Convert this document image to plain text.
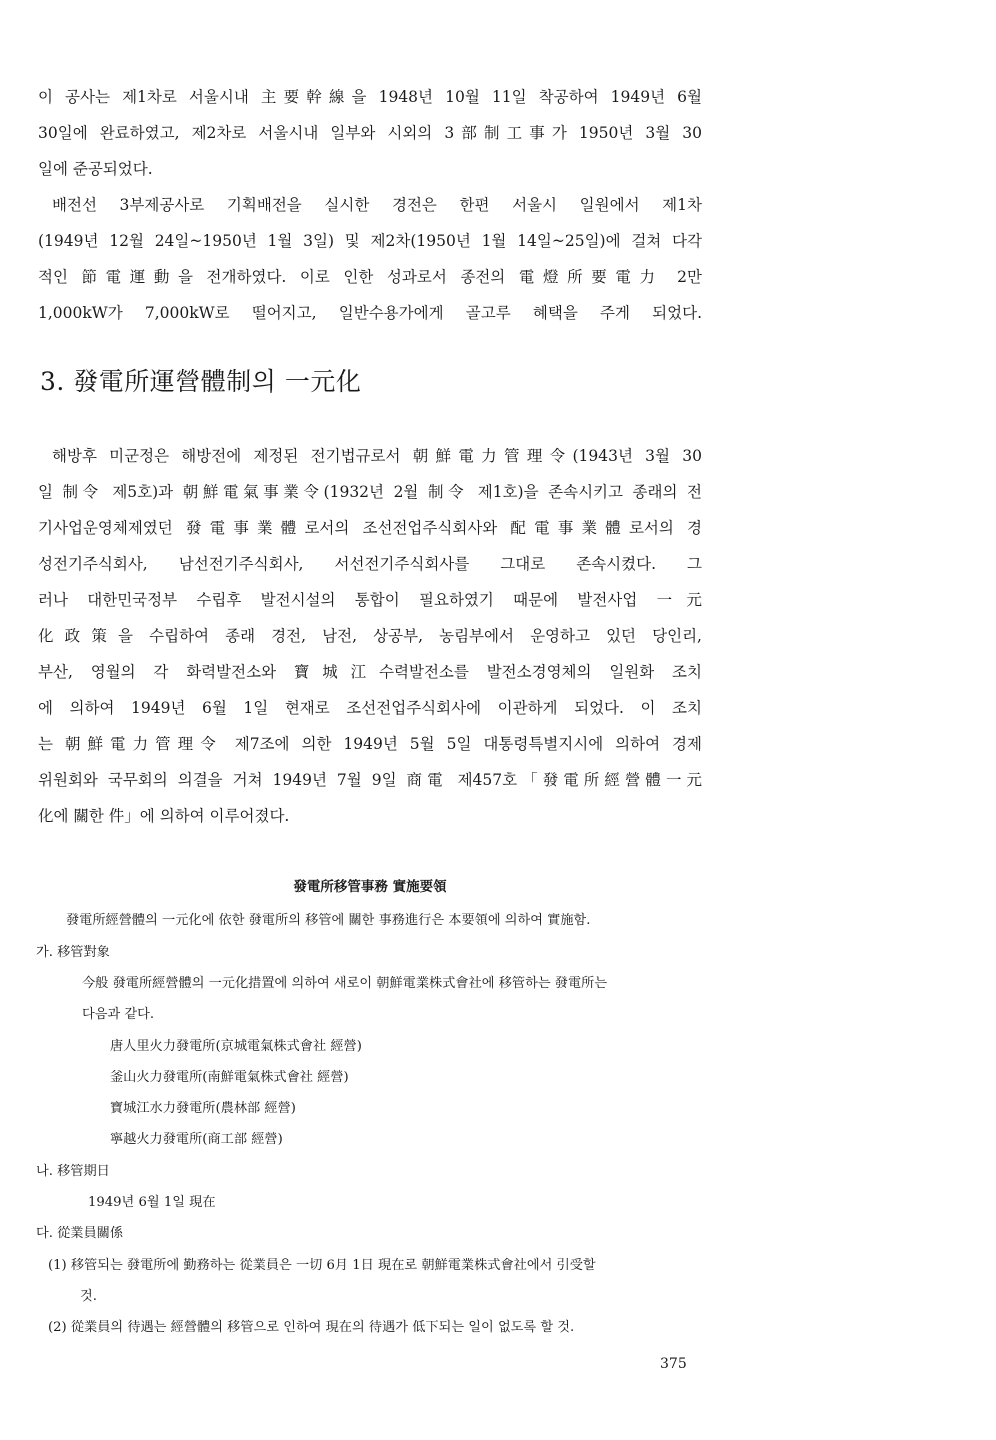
이 공사는 제1차로 서울시내 主要幹線을 1948년 10월 11일 착공하여 1949년 6월
30일에 완료하였고, 제2차로 서울시내 일부와 시외의 3部制工事가 1950년 3월 30
일에 준공되었다.
배전선 3부제공사로 기획배전을 실시한 경전은 한편 서울시 일원에서 제1차
(1949년 12월 24일~1950년 1월 3일) 및 제2차(1950년 1월 14일~25일)에 걸쳐 다각
적인 節電運動을 전개하였다. 이로 인한 성과로서 종전의 電燈所要電力 2만
1,000kW가 7,000kW로 떨어지고, 일반수용가에게 골고루 혜택을 주게 되었다.
3. 發電所運營體制의 一元化
해방후 미군정은 해방전에 제정된 전기법규로서 朝鮮電力管理令(1943년 3월 30
일 制令 제5호)과 朝鮮電氣事業令(1932년 2월 制令 제1호)을 존속시키고 종래의 전
기사업운영체제였던 發電事業體로서의 조선전업주식회사와 配電事業體로서의 경
성전기주식회사, 남선전기주식회사, 서선전기주식회사를 그대로 존속시켰다. 그
러나 대한민국정부 수립후 발전시설의 통합이 필요하였기 때문에 발전사업 一元
化政策을 수립하여 종래 경전, 남전, 상공부, 농림부에서 운영하고 있던 당인리,
부산, 영월의 각 화력발전소와 寶城江수력발전소를 발전소경영체의 일원화 조치
에 의하여 1949년 6월 1일 현재로 조선전업주식회사에 이관하게 되었다. 이 조치
는 朝鮮電力管理令 제7조에 의한 1949년 5월 5일 대통령특별지시에 의하여 경제
위원회와 국무회의 의결을 거쳐 1949년 7월 9일 商電 제457호「發電所經營體一元
化에 關한 件」에 의하여 이루어졌다.
發電所移管事務 實施要領
發電所經營體의 一元化에 依한 發電所의 移管에 關한 事務進行은 本要領에 의하여 實施함.
가. 移管對象
今般 發電所經營體의 一元化措置에 의하여 새로이 朝鮮電業株式會社에 移管하는 發電所는
다음과 같다.
唐人里火力發電所(京城電氣株式會社 經營)
釜山火力發電所(南鮮電氣株式會社 經營)
寶城江水力發電所(農林部 經營)
寧越火力發電所(商工部 經營)
나. 移管期日
1949년 6월 1일 現在
다. 從業員關係
(1) 移管되는 發電所에 勤務하는 從業員은 一切 6月 1日 現在로 朝鮮電業株式會社에서 引受할
것.
(2) 從業員의 待遇는 經營體의 移管으로 인하여 現在의 待遇가 低下되는 일이 없도록 할 것.
375
